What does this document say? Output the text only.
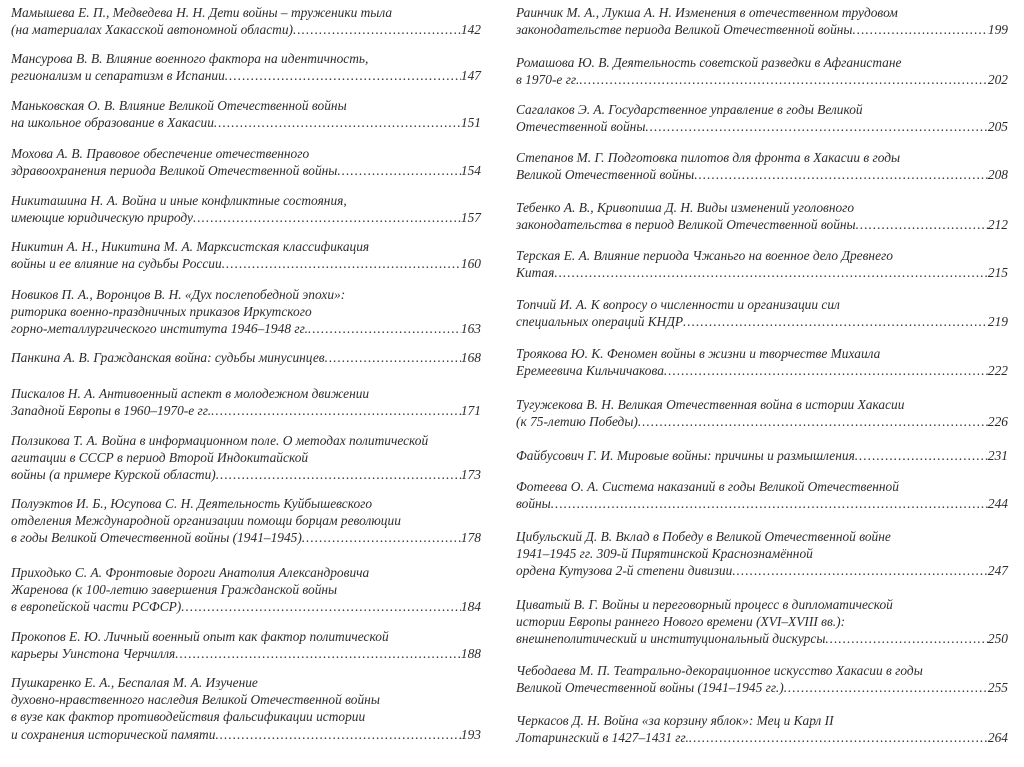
Мамышева Е. П., Медведева Н. Н. Дети войны – труженики тыла
(на материалах Хакасской автономной области) .....	142
Мансурова В. В. Влияние военного фактора на идентичность,
регионализм и сепаратизм в Испании .....	147
Маньковская О. В. Влияние Великой Отечественной войны
на школьное образование в Хакасии .....	151
Мохова А. В. Правовое обеспечение отечественного
здравоохранения периода Великой Отечественной войны .....	154
Никиташина Н. А. Война и иные конфликтные состояния,
имеющие юридическую природу .....	157
Никитин А. Н., Никитина М. А. Марксистская классификация
войны и ее влияние на судьбы России .....	160
Новиков П. А., Воронцов В. Н. «Дух послепобедной эпохи»:
риторика военно-праздничных приказов Иркутского
горно-металлургического института 1946–1948 гг. .....	163
Панкина А. В. Гражданская война: судьбы минусинцев .....	168
Пискалов Н. А. Антивоенный аспект в молодежном движении
Западной Европы в 1960–1970-е гг. .....	171
Ползикова Т. А. Война в информационном поле. О методах политической
агитации в СССР в период Второй Индокитайской
войны (а примере Курской области) .....	173
Полуэктов И. Б., Юсупова С. Н. Деятельность Куйбышевского
отделения Международной организации помощи борцам революции
в годы Великой Отечественной войны (1941–1945) .....	178
Приходько С. А. Фронтовые дороги Анатолия Александровича
Жаренова (к 100-летию завершения Гражданской войны
в европейской части РСФСР) .....	184
Прокопов Е. Ю. Личный военный опыт как фактор политической
карьеры Уинстона Черчилля .....	188
Пушкаренко Е. А., Беспалая М. А. Изучение
духовно-нравственного наследия Великой Отечественной войны
в вузе как фактор противодействия фальсификации истории
и сохранения исторической памяти .....	193
Раинчик М. А., Лукша А. Н. Изменения в отечественном трудовом
законодательстве периода Великой Отечественной войны .....	199
Ромашова Ю. В. Деятельность советской разведки в Афганистане
в 1970-е гг. .....	202
Сагалаков Э. А. Государственное управление в годы Великой
Отечественной войны .....	205
Степанов М. Г. Подготовка пилотов для фронта в Хакасии в годы
Великой Отечественной войны .....	208
Тебенко А. В., Кривопиша Д. Н. Виды изменений уголовного
законодательства в период Великой Отечественной войны .....	212
Терская Е. А. Влияние периода Чжаньго на военное дело Древнего
Китая .....	215
Топчий И. А. К вопросу о численности и организации сил
специальных операций КНДР .....	219
Троякова Ю. К. Феномен войны в жизни и творчестве Михаила
Еремеевича Кильчичакова .....	222
Тугужекова В. Н. Великая Отечественная война в истории Хакасии
(к 75-летию Победы) .....	226
Файбусович Г. И. Мировые войны: причины и размышления .....	231
Фотеева О. А. Система наказаний в годы Великой Отечественной
войны .....	244
Цибульский Д. В. Вклад в Победу в Великой Отечественной войне
1941–1945 гг. 309-й Пирятинской Краснознамённой
ордена Кутузова 2-й степени дивизии .....	247
Циватый В. Г. Войны и переговорный процесс в дипломатической
истории Европы раннего Нового времени (XVI–XVIII вв.):
внешнеполитический и институциональный дискурсы .....	250
Чебодаева М. П. Театрально-декорационное искусство Хакасии в годы
Великой Отечественной войны (1941–1945 гг.) .....	255
Черкасов Д. Н. Война «за корзину яблок»: Мец и Карл II
Лотарингский в 1427–1431 гг. .....	264
